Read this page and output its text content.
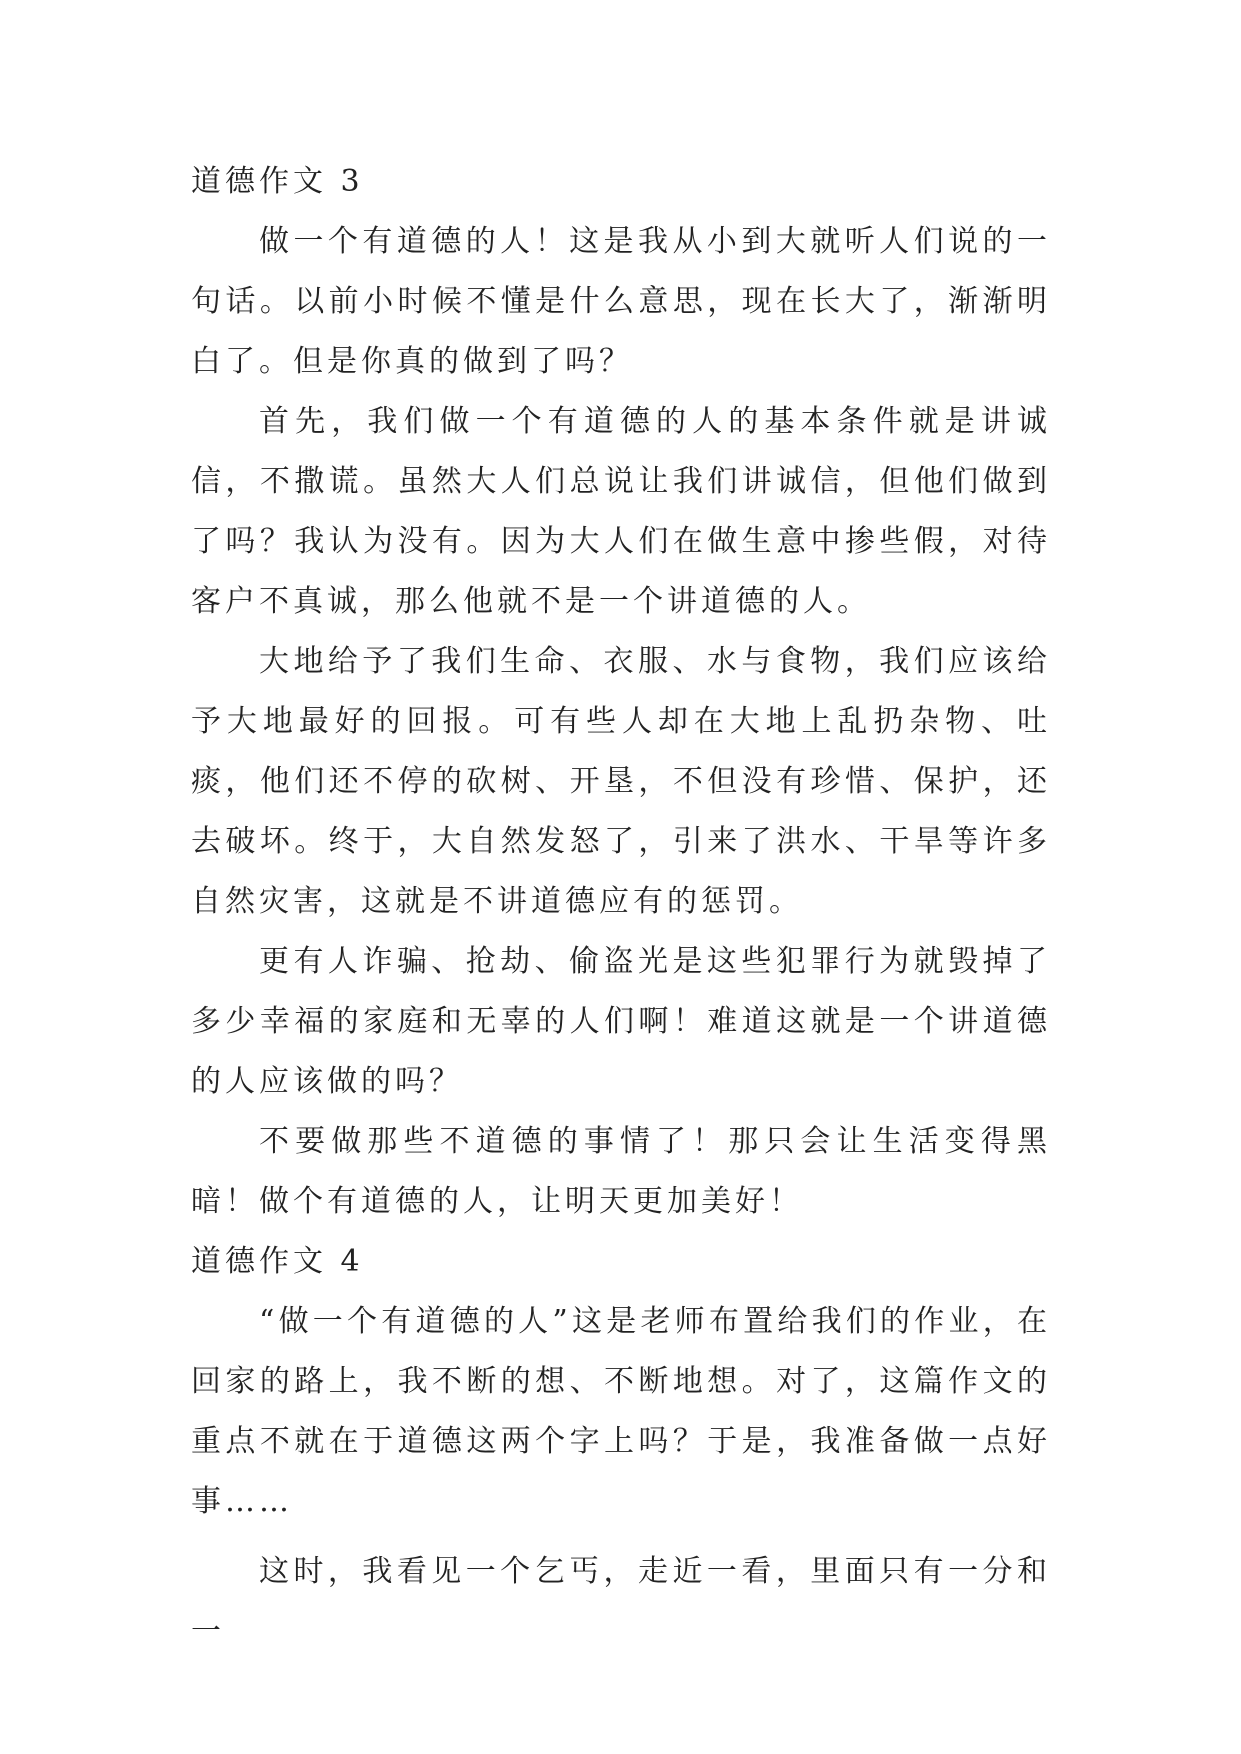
道德作文 3

做一个有道德的人！这是我从小到大就听人们说的一句话。以前小时候不懂是什么意思，现在长大了，渐渐明白了。但是你真的做到了吗？

首先，我们做一个有道德的人的基本条件就是讲诚信，不撒谎。虽然大人们总说让我们讲诚信，但他们做到了吗？我认为没有。因为大人们在做生意中掺些假，对待客户不真诚，那么他就不是一个讲道德的人。

大地给予了我们生命、衣服、水与食物，我们应该给予大地最好的回报。可有些人却在大地上乱扔杂物、吐痰，他们还不停的砍树、开垦，不但没有珍惜、保护，还去破坏。终于，大自然发怒了，引来了洪水、干旱等许多自然灾害，这就是不讲道德应有的惩罚。

更有人诈骗、抢劫、偷盗光是这些犯罪行为就毁掉了多少幸福的家庭和无辜的人们啊！难道这就是一个讲道德的人应该做的吗？

不要做那些不道德的事情了！那只会让生活变得黑暗！做个有道德的人，让明天更加美好！

道德作文 4

“做一个有道德的人”这是老师布置给我们的作业，在回家的路上，我不断的想、不断地想。对了，这篇作文的重点不就在于道德这两个字上吗？于是，我准备做一点好事……

这时，我看见一个乞丐，走近一看，里面只有一分和一
